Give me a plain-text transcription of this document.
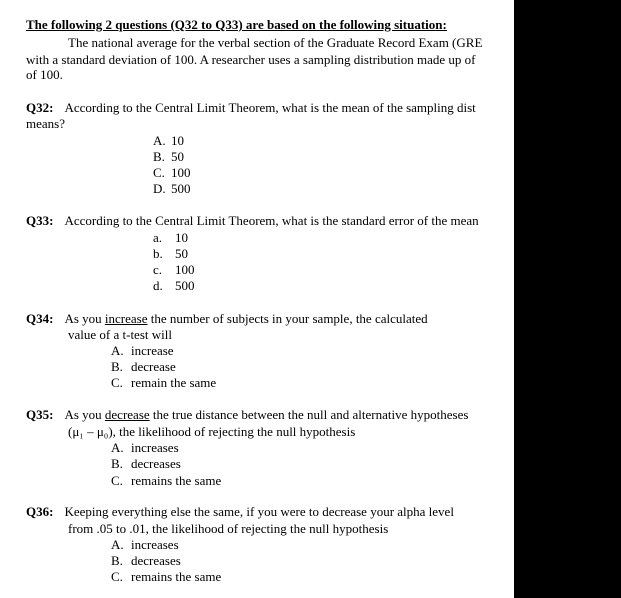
The following 2 questions (Q32 to Q33) are based on the following situation:
The national average for the verbal section of the Graduate Record Exam (GRE
with a standard deviation of 100. A researcher uses a sampling distribution made up of
of 100.
Q32: According to the Central Limit Theorem, what is the mean of the sampling dist
means?
A. 10
B. 50
C. 100
D. 500
Q33: According to the Central Limit Theorem, what is the standard error of the mean
a. 10
b. 50
c. 100
d. 500
Q34: As you increase the number of subjects in your sample, the calculated
value of a t-test will
A. increase
B. decrease
C. remain the same
Q35: As you decrease the true distance between the null and alternative hypotheses
(μ₁ – μ₀), the likelihood of rejecting the null hypothesis
A. increases
B. decreases
C. remains the same
Q36: Keeping everything else the same, if you were to decrease your alpha level
from .05 to .01, the likelihood of rejecting the null hypothesis
A. increases
B. decreases
C. remains the same
